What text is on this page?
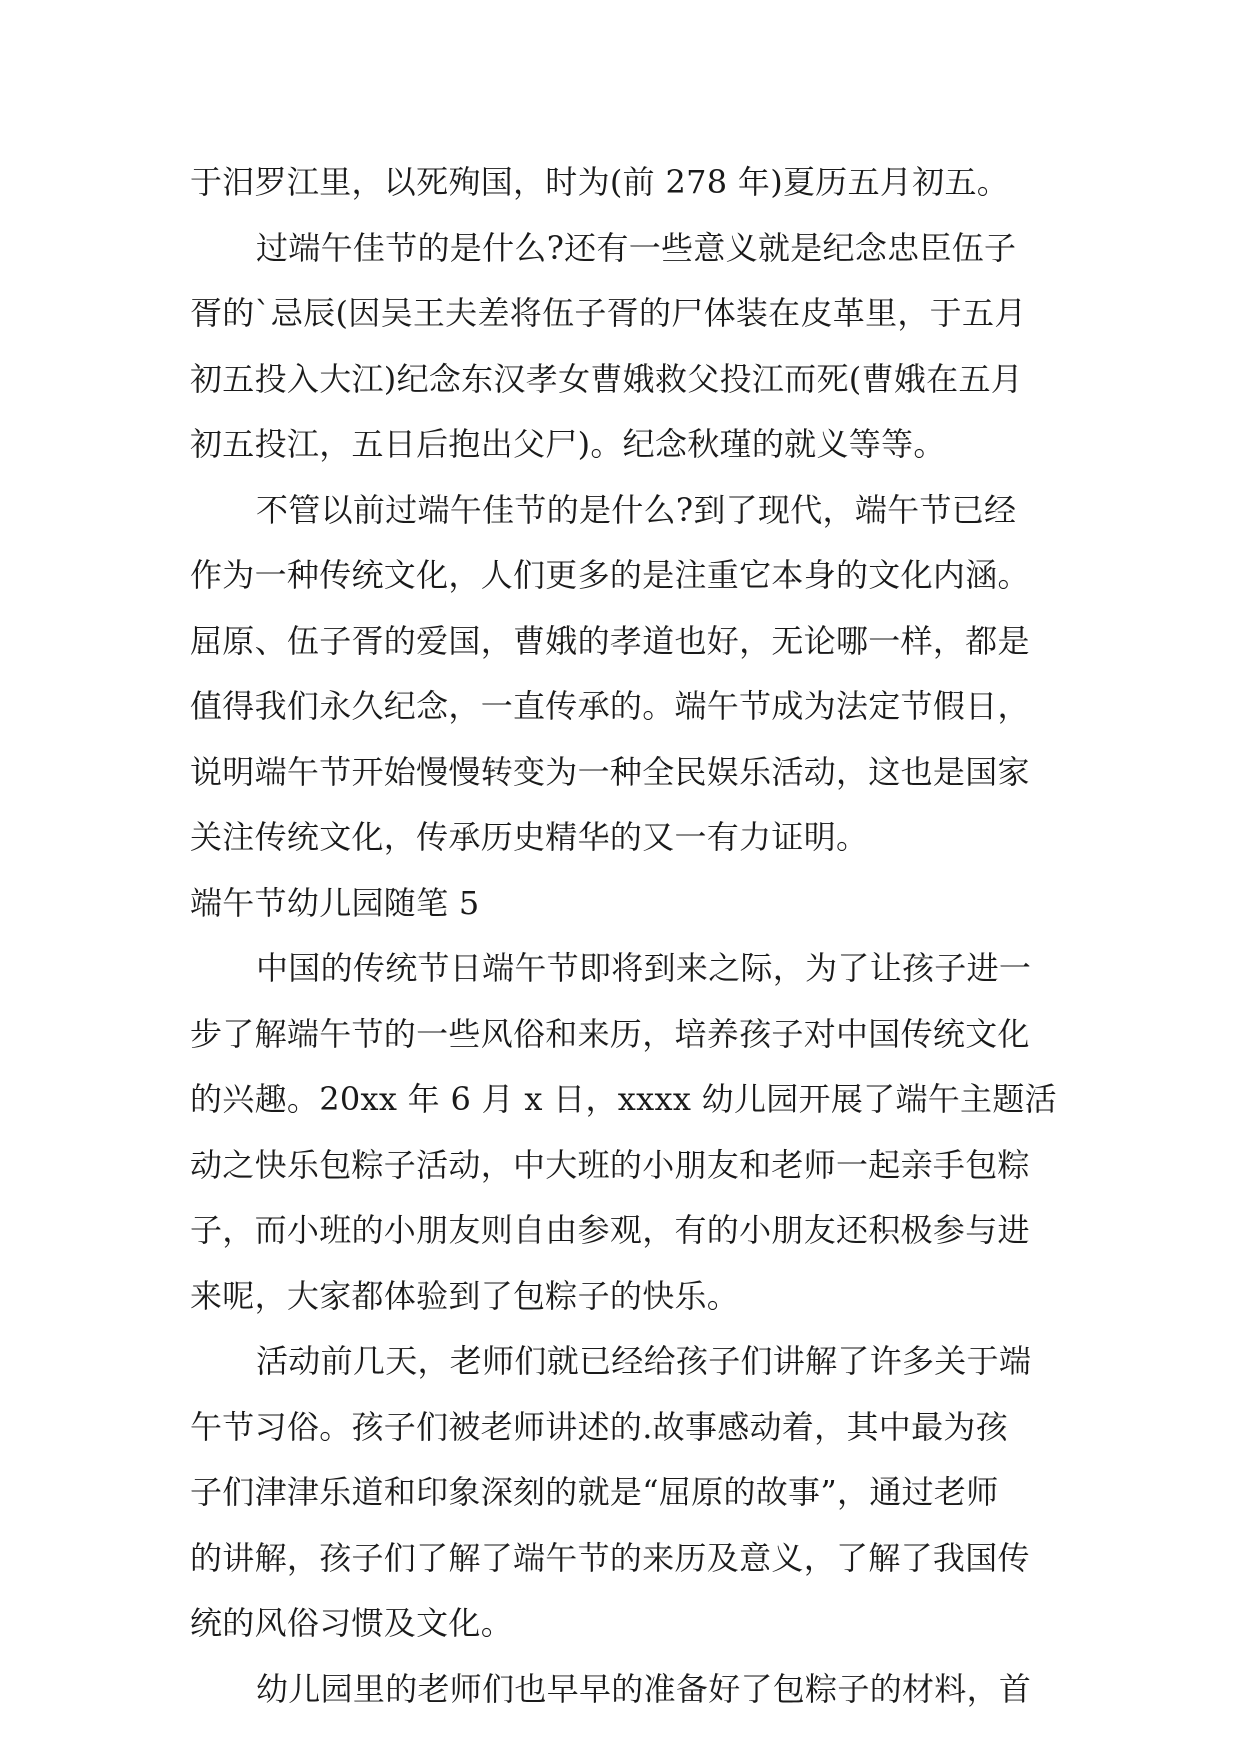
于汨罗江里，以死殉国，时为(前 278 年)夏历五月初五。
过端午佳节的是什么?还有一些意义就是纪念忠臣伍子
胥的`忌辰(因吴王夫差将伍子胥的尸体装在皮革里，于五月
初五投入大江)纪念东汉孝女曹娥救父投江而死(曹娥在五月
初五投江，五日后抱出父尸)。纪念秋瑾的就义等等。
不管以前过端午佳节的是什么?到了现代，端午节已经
作为一种传统文化，人们更多的是注重它本身的文化内涵。
屈原、伍子胥的爱国，曹娥的孝道也好，无论哪一样，都是
值得我们永久纪念，一直传承的。端午节成为法定节假日，
说明端午节开始慢慢转变为一种全民娱乐活动，这也是国家
关注传统文化，传承历史精华的又一有力证明。
端午节幼儿园随笔 5
中国的传统节日端午节即将到来之际，为了让孩子进一
步了解端午节的一些风俗和来历，培养孩子对中国传统文化
的兴趣。20xx 年 6 月 x 日，xxxx 幼儿园开展了端午主题活
动之快乐包粽子活动，中大班的小朋友和老师一起亲手包粽
子，而小班的小朋友则自由参观，有的小朋友还积极参与进
来呢，大家都体验到了包粽子的快乐。
活动前几天，老师们就已经给孩子们讲解了许多关于端
午节习俗。孩子们被老师讲述的.故事感动着，其中最为孩
子们津津乐道和印象深刻的就是“屈原的故事”，通过老师
的讲解，孩子们了解了端午节的来历及意义，了解了我国传
统的风俗习惯及文化。
幼儿园里的老师们也早早的准备好了包粽子的材料，首
